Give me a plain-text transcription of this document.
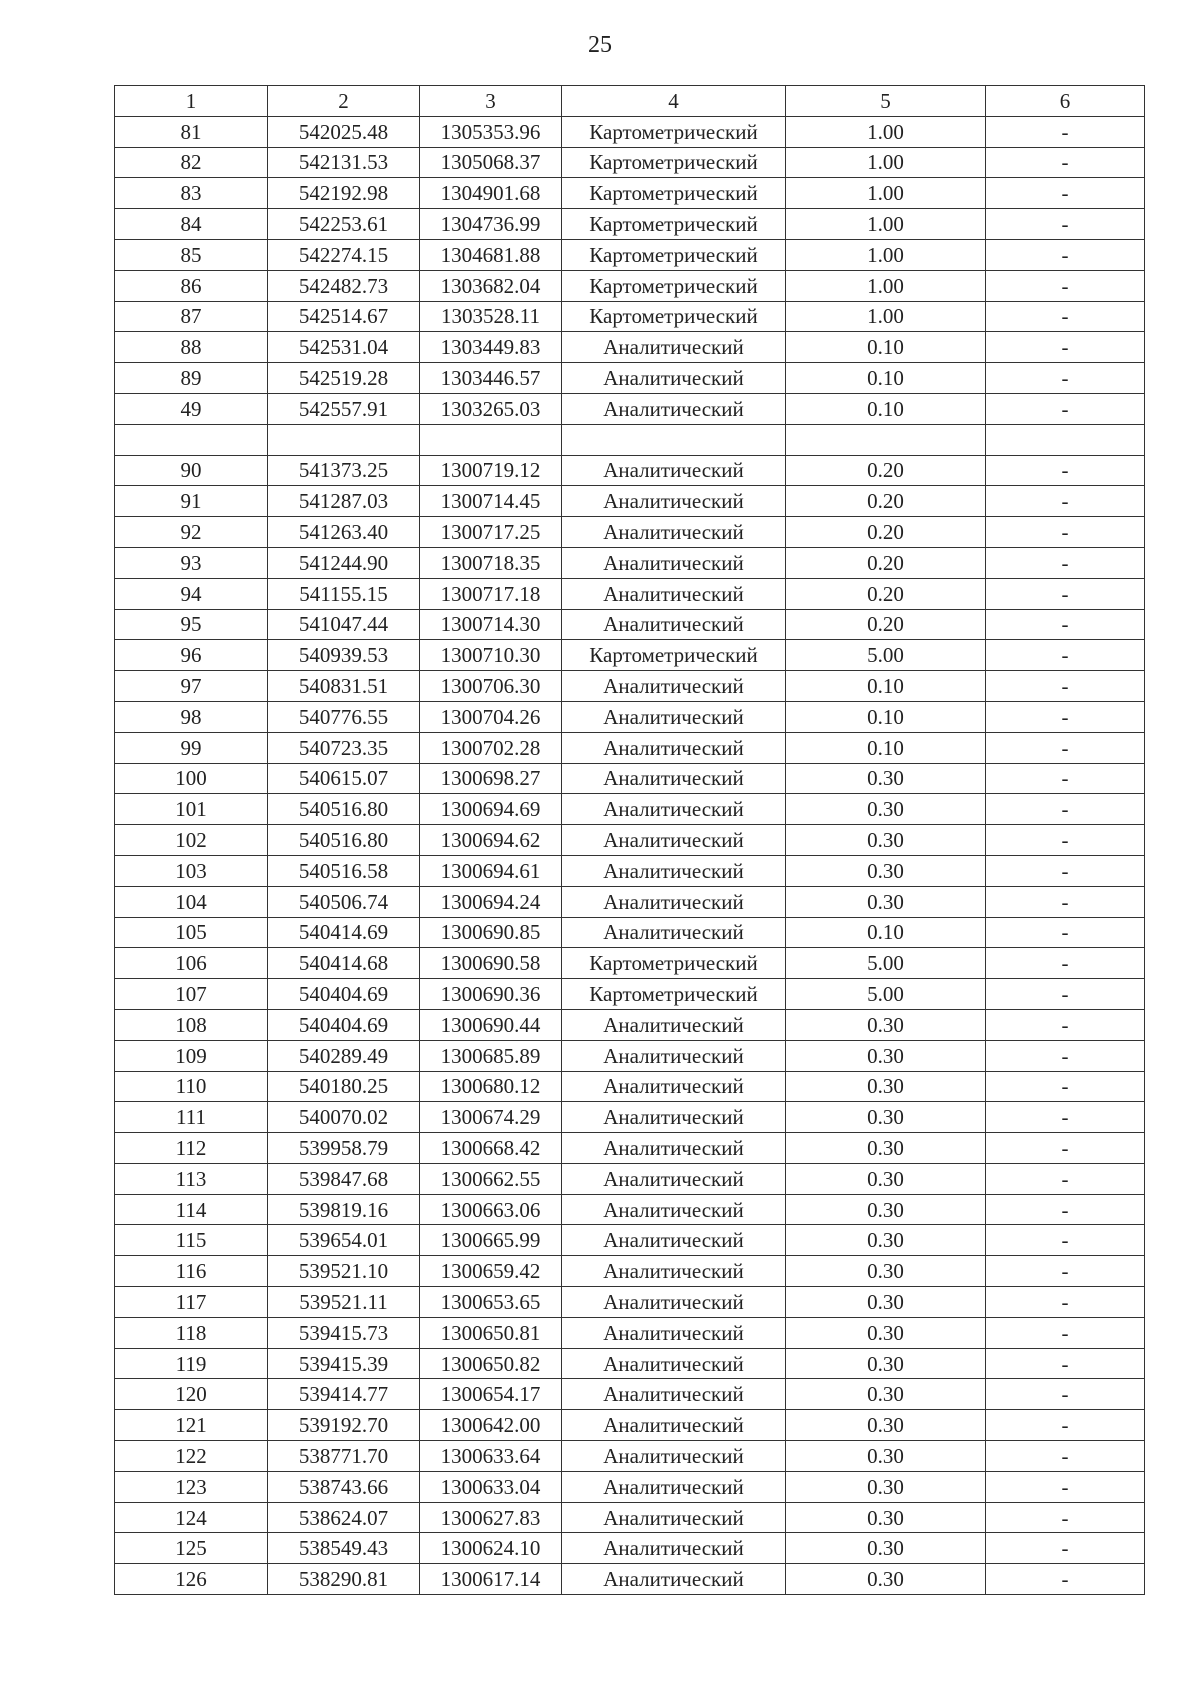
25
1	2	3	4	5	6
81	542025.48	1305353.96	Картометрический	1.00	-
82	542131.53	1305068.37	Картометрический	1.00	-
83	542192.98	1304901.68	Картометрический	1.00	-
84	542253.61	1304736.99	Картометрический	1.00	-
85	542274.15	1304681.88	Картометрический	1.00	-
86	542482.73	1303682.04	Картометрический	1.00	-
87	542514.67	1303528.11	Картометрический	1.00	-
88	542531.04	1303449.83	Аналитический	0.10	-
89	542519.28	1303446.57	Аналитический	0.10	-
49	542557.91	1303265.03	Аналитический	0.10	-

90	541373.25	1300719.12	Аналитический	0.20	-
91	541287.03	1300714.45	Аналитический	0.20	-
92	541263.40	1300717.25	Аналитический	0.20	-
93	541244.90	1300718.35	Аналитический	0.20	-
94	541155.15	1300717.18	Аналитический	0.20	-
95	541047.44	1300714.30	Аналитический	0.20	-
96	540939.53	1300710.30	Картометрический	5.00	-
97	540831.51	1300706.30	Аналитический	0.10	-
98	540776.55	1300704.26	Аналитический	0.10	-
99	540723.35	1300702.28	Аналитический	0.10	-
100	540615.07	1300698.27	Аналитический	0.30	-
101	540516.80	1300694.69	Аналитический	0.30	-
102	540516.80	1300694.62	Аналитический	0.30	-
103	540516.58	1300694.61	Аналитический	0.30	-
104	540506.74	1300694.24	Аналитический	0.30	-
105	540414.69	1300690.85	Аналитический	0.10	-
106	540414.68	1300690.58	Картометрический	5.00	-
107	540404.69	1300690.36	Картометрический	5.00	-
108	540404.69	1300690.44	Аналитический	0.30	-
109	540289.49	1300685.89	Аналитический	0.30	-
110	540180.25	1300680.12	Аналитический	0.30	-
111	540070.02	1300674.29	Аналитический	0.30	-
112	539958.79	1300668.42	Аналитический	0.30	-
113	539847.68	1300662.55	Аналитический	0.30	-
114	539819.16	1300663.06	Аналитический	0.30	-
115	539654.01	1300665.99	Аналитический	0.30	-
116	539521.10	1300659.42	Аналитический	0.30	-
117	539521.11	1300653.65	Аналитический	0.30	-
118	539415.73	1300650.81	Аналитический	0.30	-
119	539415.39	1300650.82	Аналитический	0.30	-
120	539414.77	1300654.17	Аналитический	0.30	-
121	539192.70	1300642.00	Аналитический	0.30	-
122	538771.70	1300633.64	Аналитический	0.30	-
123	538743.66	1300633.04	Аналитический	0.30	-
124	538624.07	1300627.83	Аналитический	0.30	-
125	538549.43	1300624.10	Аналитический	0.30	-
126	538290.81	1300617.14	Аналитический	0.30	-
